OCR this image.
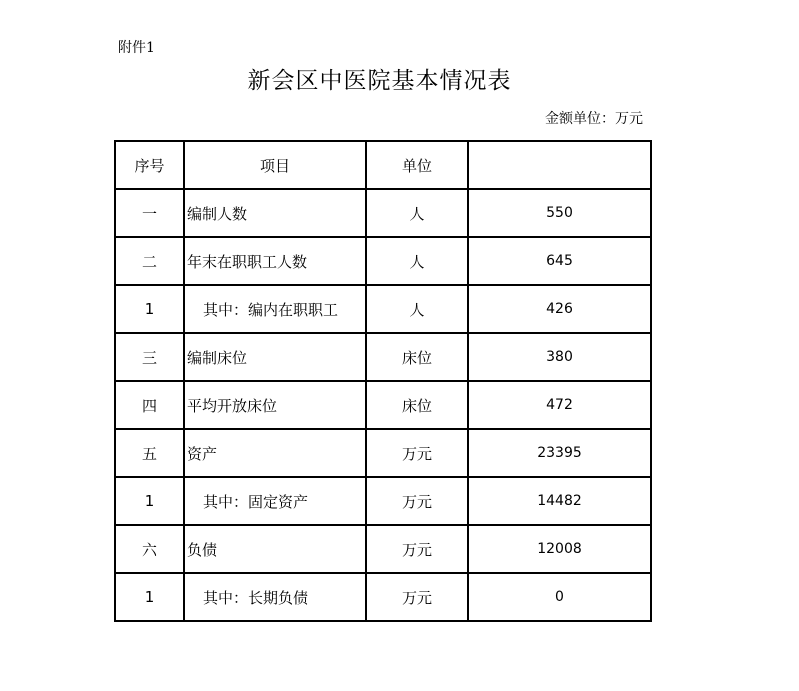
附件1
新会区中医院基本情况表
金额单位：万元
序号	项目	单位	
一	编制人数	人	550
二	年末在职职工人数	人	645
1	其中：编内在职职工	人	426
三	编制床位	床位	380
四	平均开放床位	床位	472
五	资产	万元	23395
1	其中：固定资产	万元	14482
六	负债	万元	12008
1	其中：长期负债	万元	0
